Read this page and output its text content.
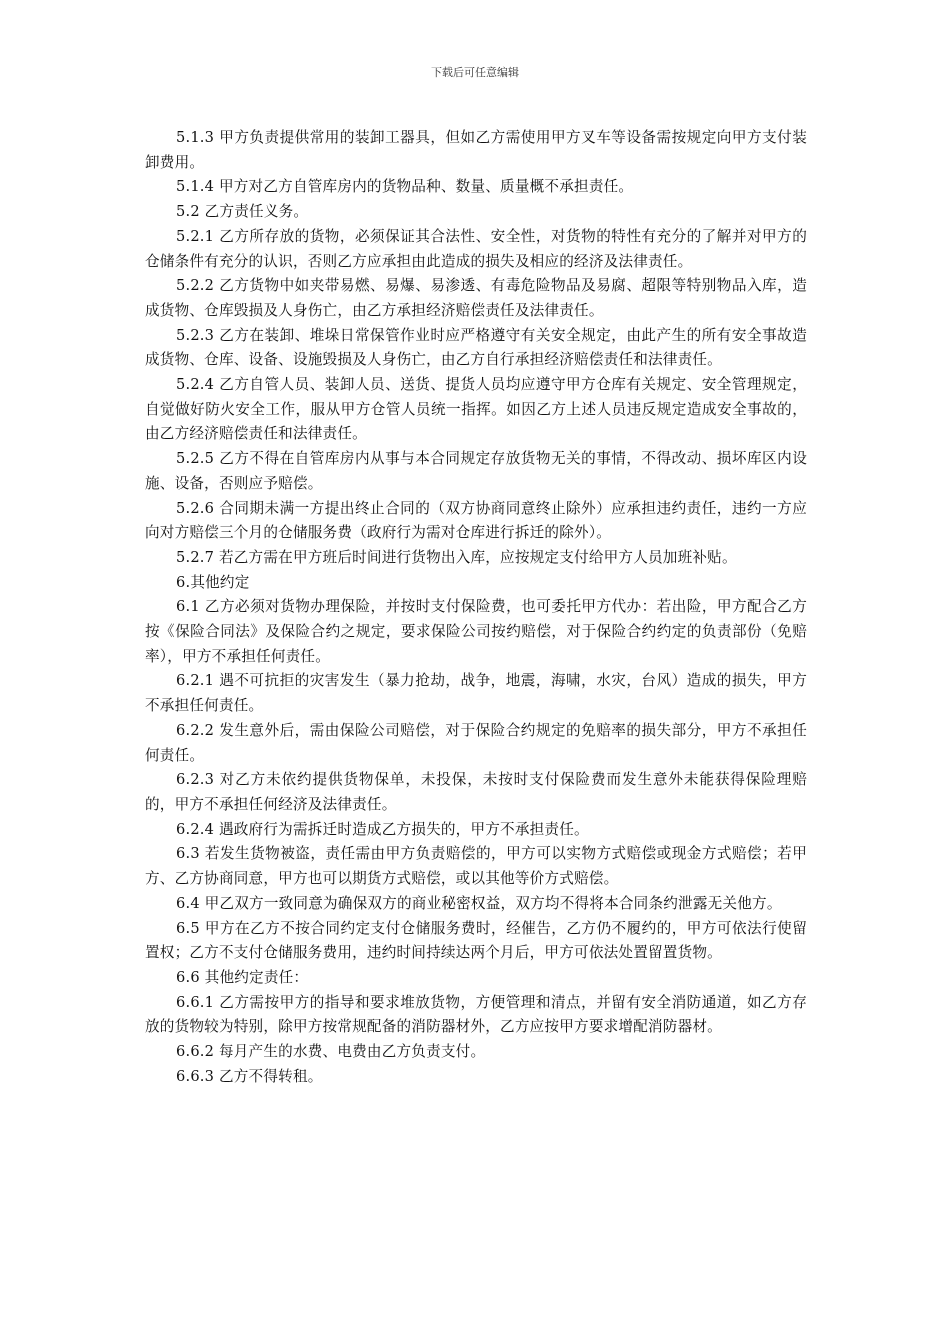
下载后可任意编辑

5.1.3 甲方负责提供常用的装卸工器具，但如乙方需使用甲方叉车等设备需按规定向甲方支付装卸费用。

5.1.4 甲方对乙方自管库房内的货物品种、数量、质量概不承担责任。

5.2 乙方责任义务。

5.2.1 乙方所存放的货物，必须保证其合法性、安全性，对货物的特性有充分的了解并对甲方的仓储条件有充分的认识，否则乙方应承担由此造成的损失及相应的经济及法律责任。

5.2.2 乙方货物中如夹带易燃、易爆、易渗透、有毒危险物品及易腐、超限等特别物品入库，造成货物、仓库毁损及人身伤亡，由乙方承担经济赔偿责任及法律责任。

5.2.3 乙方在装卸、堆垛日常保管作业时应严格遵守有关安全规定，由此产生的所有安全事故造成货物、仓库、设备、设施毁损及人身伤亡，由乙方自行承担经济赔偿责任和法律责任。

5.2.4 乙方自管人员、装卸人员、送货、提货人员均应遵守甲方仓库有关规定、安全管理规定，自觉做好防火安全工作，服从甲方仓管人员统一指挥。如因乙方上述人员违反规定造成安全事故的，由乙方经济赔偿责任和法律责任。

5.2.5 乙方不得在自管库房内从事与本合同规定存放货物无关的事情，不得改动、损坏库区内设施、设备，否则应予赔偿。

5.2.6 合同期未满一方提出终止合同的（双方协商同意终止除外）应承担违约责任，违约一方应向对方赔偿三个月的仓储服务费（政府行为需对仓库进行拆迁的除外）。

5.2.7 若乙方需在甲方班后时间进行货物出入库，应按规定支付给甲方人员加班补贴。

6.其他约定

6.1 乙方必须对货物办理保险，并按时支付保险费，也可委托甲方代办：若出险，甲方配合乙方按《保险合同法》及保险合约之规定，要求保险公司按约赔偿，对于保险合约约定的负责部份（免赔率），甲方不承担任何责任。

6.2.1 遇不可抗拒的灾害发生（暴力抢劫，战争，地震，海啸，水灾，台风）造成的损失，甲方不承担任何责任。

6.2.2 发生意外后，需由保险公司赔偿，对于保险合约规定的免赔率的损失部分，甲方不承担任何责任。

6.2.3 对乙方未依约提供货物保单，未投保，未按时支付保险费而发生意外未能获得保险理赔的，甲方不承担任何经济及法律责任。

6.2.4 遇政府行为需拆迁时造成乙方损失的，甲方不承担责任。

6.3 若发生货物被盗，责任需由甲方负责赔偿的，甲方可以实物方式赔偿或现金方式赔偿；若甲方、乙方协商同意，甲方也可以期货方式赔偿，或以其他等价方式赔偿。

6.4 甲乙双方一致同意为确保双方的商业秘密权益，双方均不得将本合同条约泄露无关他方。

6.5 甲方在乙方不按合同约定支付仓储服务费时，经催告，乙方仍不履约的，甲方可依法行使留置权；乙方不支付仓储服务费用，违约时间持续达两个月后，甲方可依法处置留置货物。

6.6 其他约定责任：

6.6.1 乙方需按甲方的指导和要求堆放货物，方便管理和清点，并留有安全消防通道，如乙方存放的货物较为特别，除甲方按常规配备的消防器材外，乙方应按甲方要求增配消防器材。

6.6.2 每月产生的水费、电费由乙方负责支付。

6.6.3 乙方不得转租。
